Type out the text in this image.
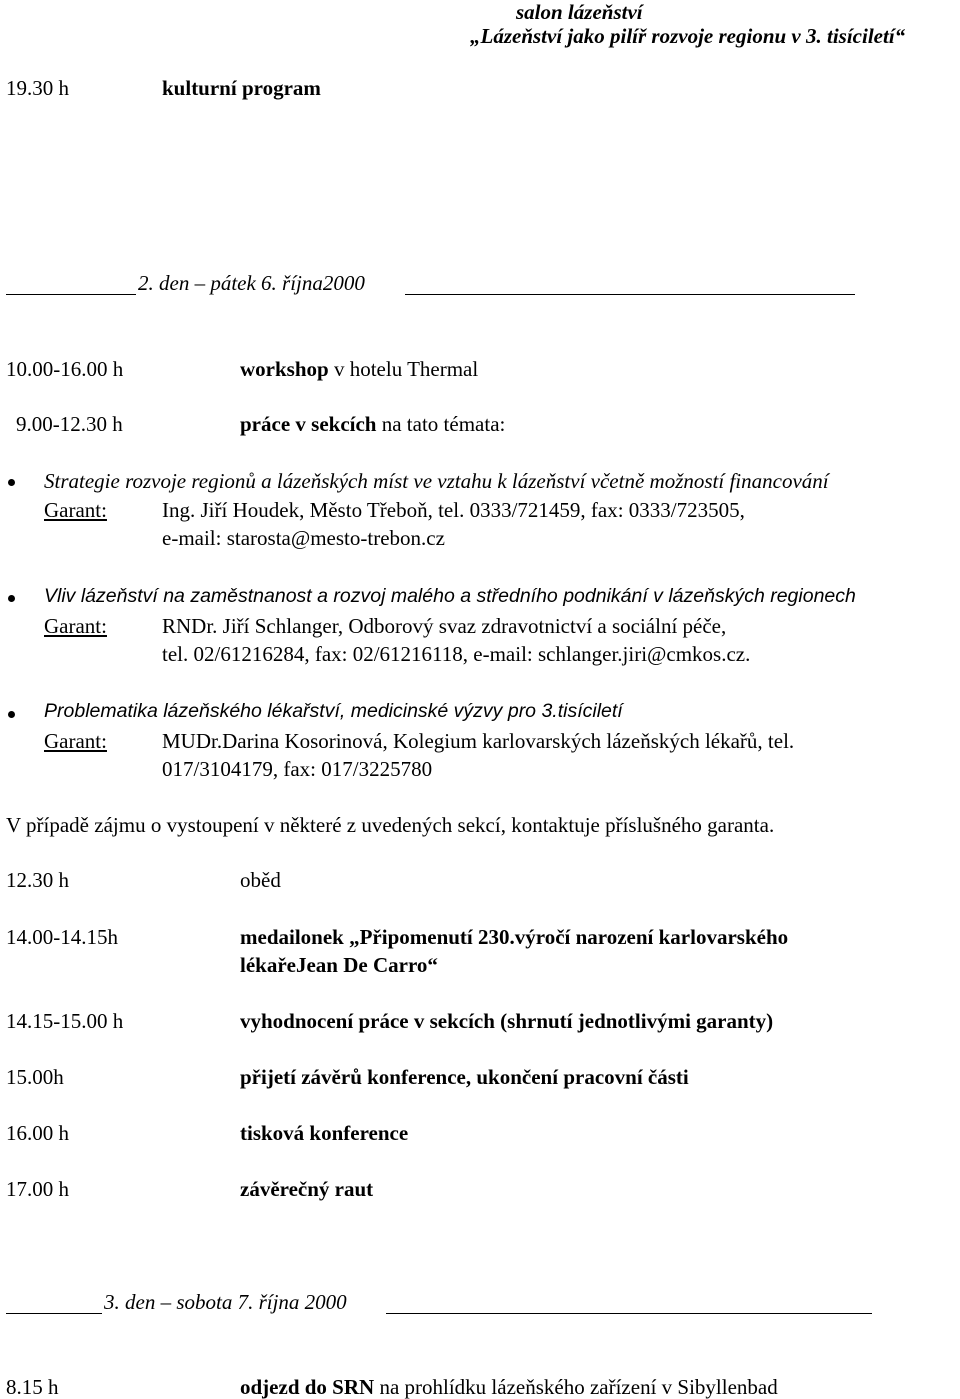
salon lázeňství
„Lázeňství jako pilíř rozvoje regionu v 3. tisíciletí“
19.30 h	kulturní program
2. den – pátek 6. října2000
10.00-16.00 h	workshop v hotelu Thermal
9.00-12.30 h	práce v sekcích na tato témata:
Strategie rozvoje regionů a lázeňských míst ve vztahu k lázeňství včetně možností financování
Garant:	Ing. Jiří Houdek, Město Třeboň, tel. 0333/721459, fax: 0333/723505,
e-mail: starosta@mesto-trebon.cz
Vliv lázeňství na zaměstnanost a rozvoj malého a středního podnikání v lázeňských regionech
Garant:	RNDr. Jiří Schlanger, Odborový svaz zdravotnictví a sociální péče,
tel. 02/61216284, fax: 02/61216118, e-mail: schlanger.jiri@cmkos.cz.
Problematika lázeňského lékařství, medicinské výzvy pro 3.tisíciletí
Garant:	MUDr.Darina Kosorinová, Kolegium karlovarských lázeňských lékařů, tel.
017/3104179, fax: 017/3225780
V případě zájmu o vystoupení v některé z uvedených sekcí, kontaktuje příslušného garanta.
12.30 h	oběd
14.00-14.15h	medailonek „Připomenutí 230.výročí narození karlovarského
lékařeJean De Carro“
14.15-15.00 h	vyhodnocení práce v sekcích (shrnutí jednotlivými garanty)
15.00h	přijetí závěrů konference, ukončení pracovní části
16.00 h	tisková konference
17.00 h	závěrečný raut
3. den – sobota 7. října 2000
8.15 h	odjezd do SRN na prohlídku lázeňského zařízení v Sibyllenbad
